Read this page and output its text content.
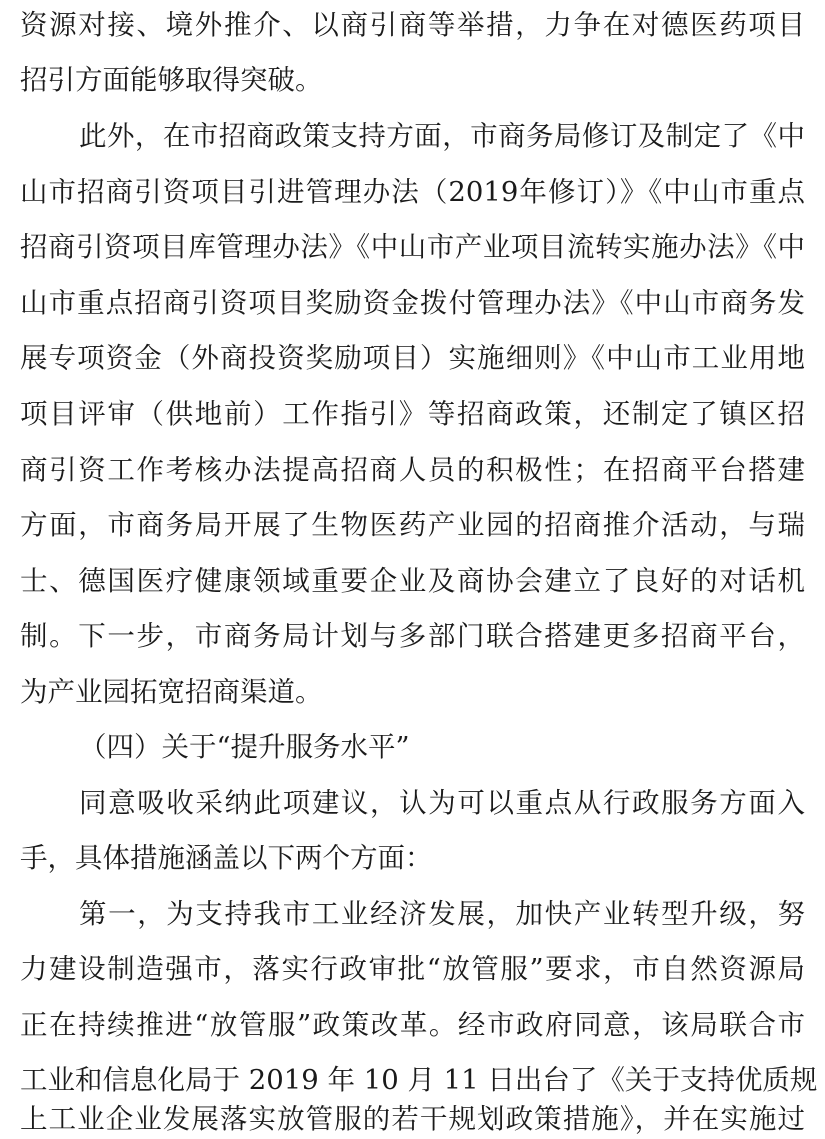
资源对接、境外推介、以商引商等举措，力争在对德医药项目
招引方面能够取得突破。
此外，在市招商政策支持方面，市商务局修订及制定了《中
山市招商引资项目引进管理办法（2019年修订）》《中山市重点
招商引资项目库管理办法》《中山市产业项目流转实施办法》《中
山市重点招商引资项目奖励资金拨付管理办法》《中山市商务发
展专项资金（外商投资奖励项目）实施细则》《中山市工业用地
项目评审（供地前）工作指引》等招商政策，还制定了镇区招
商引资工作考核办法提高招商人员的积极性；在招商平台搭建
方面，市商务局开展了生物医药产业园的招商推介活动，与瑞
士、德国医疗健康领域重要企业及商协会建立了良好的对话机
制。下一步，市商务局计划与多部门联合搭建更多招商平台，
为产业园拓宽招商渠道。
（四）关于“提升服务水平”
同意吸收采纳此项建议，认为可以重点从行政服务方面入
手，具体措施涵盖以下两个方面：
第一，为支持我市工业经济发展，加快产业转型升级，努
力建设制造强市，落实行政审批“放管服”要求，市自然资源局
正在持续推进“放管服”政策改革。经市政府同意，该局联合市
工业和信息化局于 2019 年 10 月 11 日出台了《关于支持优质规
上工业企业发展落实放管服的若干规划政策措施》，并在实施过
